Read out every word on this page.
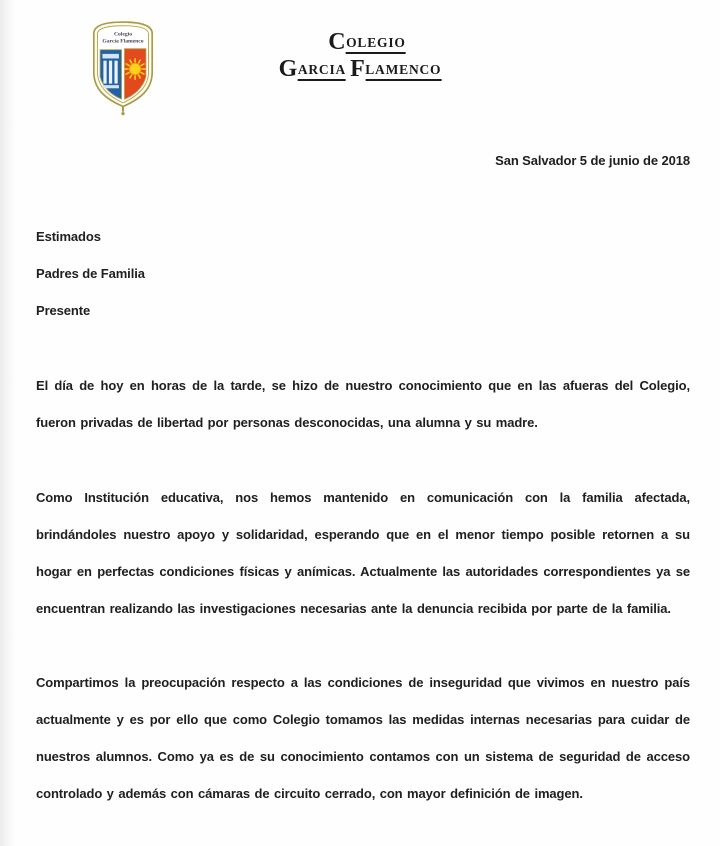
Colegio
García Flamenco	COLEGIO
GARCIA FLAMENCO
San Salvador 5 de junio de 2018

Estimados

Padres de Familia

Presente

El día de hoy en horas de la tarde, se hizo de nuestro conocimiento que en las afueras del Colegio, fueron privadas de libertad por personas desconocidas, una alumna y su madre.

Como Institución educativa, nos hemos mantenido en comunicación con la familia afectada, brindándoles nuestro apoyo y solidaridad, esperando que en el menor tiempo posible retornen a su hogar en perfectas condiciones físicas y anímicas. Actualmente las autoridades correspondientes ya se encuentran realizando las investigaciones necesarias ante la denuncia recibida por parte de la familia.

Compartimos la preocupación respecto a las condiciones de inseguridad que vivimos en nuestro país actualmente y es por ello que como Colegio tomamos las medidas internas necesarias para cuidar de nuestros alumnos. Como ya es de su conocimiento contamos con un sistema de seguridad de acceso controlado y además con cámaras de circuito cerrado, con mayor definición de imagen.
